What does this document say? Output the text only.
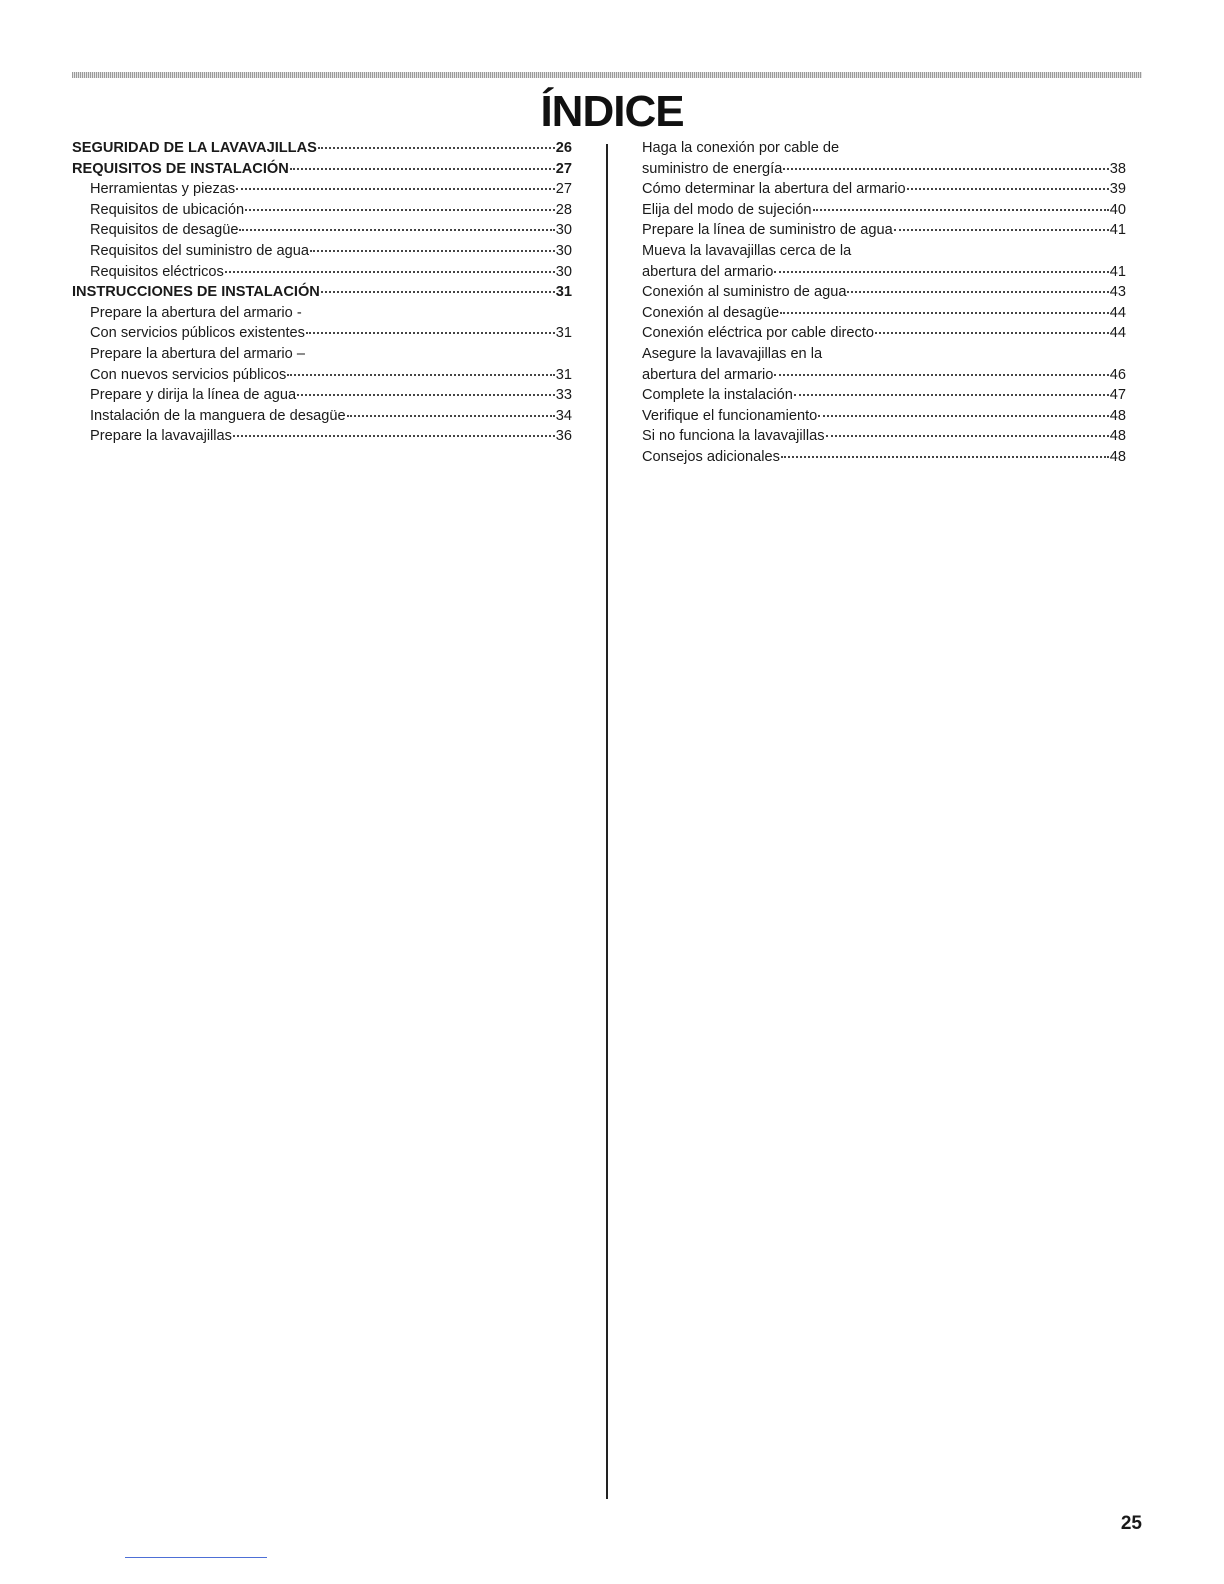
ÍNDICE
SEGURIDAD DE LA LAVAVAJILLAS	26
REQUISITOS DE INSTALACIÓN	27
Herramientas y piezas	27
Requisitos de ubicación	28
Requisitos de desagüe	30
Requisitos del suministro de agua	30
Requisitos eléctricos	30
INSTRUCCIONES DE INSTALACIÓN	31
Prepare la abertura del armario -
Con servicios públicos existentes	31
Prepare la abertura del armario –
Con nuevos servicios públicos	31
Prepare y dirija la línea de agua	33
Instalación de la manguera de desagüe	34
Prepare la lavavajillas	36
Haga la conexión por cable de
suministro de energía	38
Cómo determinar la abertura del armario	39
Elija del modo de sujeción	40
Prepare la línea de suministro de agua	41
Mueva la lavavajillas cerca de la
abertura del armario	41
Conexión al suministro de agua	43
Conexión al desagüe	44
Conexión eléctrica por cable directo	44
Asegure la lavavajillas en la
abertura del armario	46
Complete la instalación	47
Verifique el funcionamiento	48
Si no funciona la lavavajillas	48
Consejos adicionales	48
25
